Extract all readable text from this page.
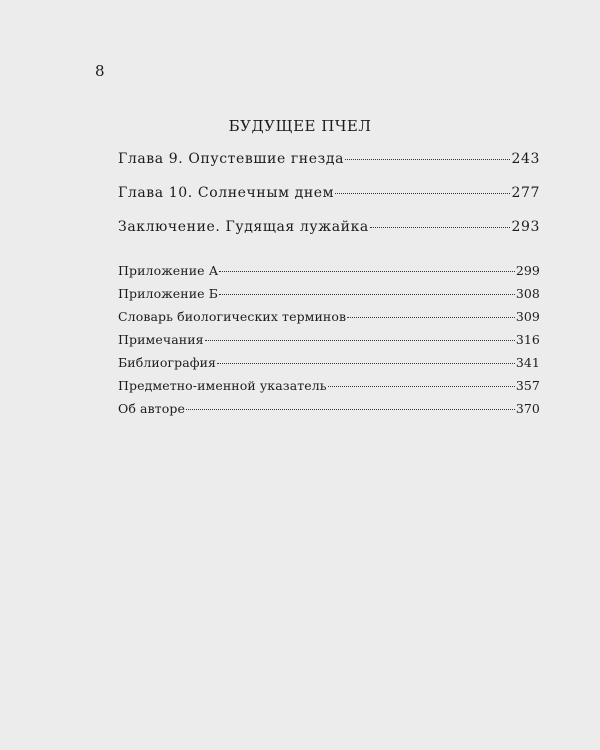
8
БУДУЩЕЕ ПЧЕЛ
Глава 9. Опустевшие гнезда	243
Глава 10. Солнечным днем	277
Заключение. Гудящая лужайка	293
Приложение А	299
Приложение Б	308
Словарь биологических терминов	309
Примечания	316
Библиография	341
Предметно-именной указатель	357
Об авторе	370
